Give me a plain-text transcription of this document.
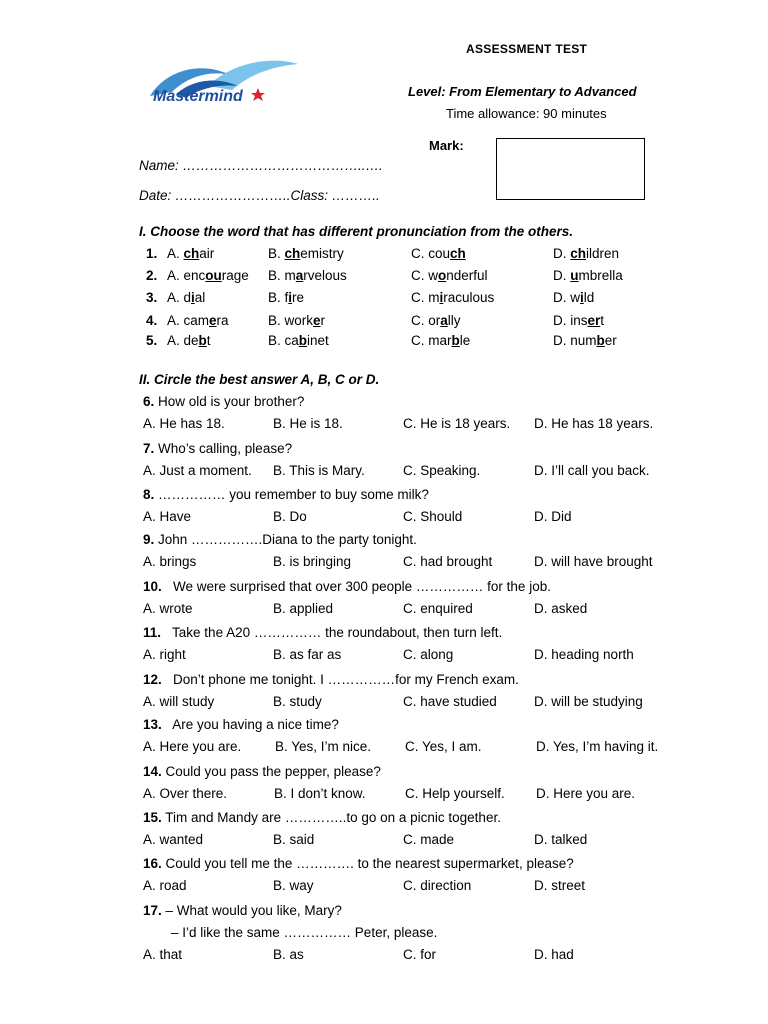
ASSESSMENT TEST
Mastermind	Level: From Elementary to Advanced
Time allowance: 90 minutes
Mark:
Name: …………………………………..….
Date: ……………………..Class: ………..
I. Choose the word that has different pronunciation from the others.
1. A. chair	B. chemistry	C. couch	D. children
2. A. encourage B. marvelous	C. wonderful	D. umbrella
3. A. dial	B. fire	C. miraculous	D. wild
4. A. camera	B. worker	C. orally	D. insert
5. A. debt	B. cabinet	C. marble	D. number
II. Circle the best answer A, B, C or D.
6. How old is your brother?
A. He has 18.	B. He is 18.	C. He is 18 years. D. He has 18 years.
7. Who’s calling, please?
A. Just a moment. B. This is Mary.	C. Speaking.	D. I’ll call you back.
8. …………… you remember to buy some milk?
A. Have	B. Do	C. Should	D. Did
9. John …………….Diana to the party tonight.
A. brings	B. is bringing	C. had brought	D. will have brought
10.   We were surprised that over 300 people …………… for the job.
A. wrote	B. applied	C. enquired	D. asked
11.   Take the A20 …………… the roundabout, then turn left.
A. right	B. as far as	C. along	D. heading north
12.   Don’t phone me tonight. I ……………for my French exam.
A. will study	B. study	C. have studied	D. will be studying
13.   Are you having a nice time?
A. Here you are. B. Yes, I’m nice.	C. Yes, I am.	D. Yes, I’m having it.
14. Could you pass the pepper, please?
A. Over there.	B. I don’t know.	C. Help yourself. D. Here you are.
15. Tim and Mandy are …………..to go on a picnic together.
A. wanted	B. said	C. made	D. talked
16. Could you tell me the …………. to the nearest supermarket, please?
A. road	B. way	C. direction	D. street
17. – What would you like, Mary?
– I’d like the same …………… Peter, please.
A. that	B. as	C. for	D. had
